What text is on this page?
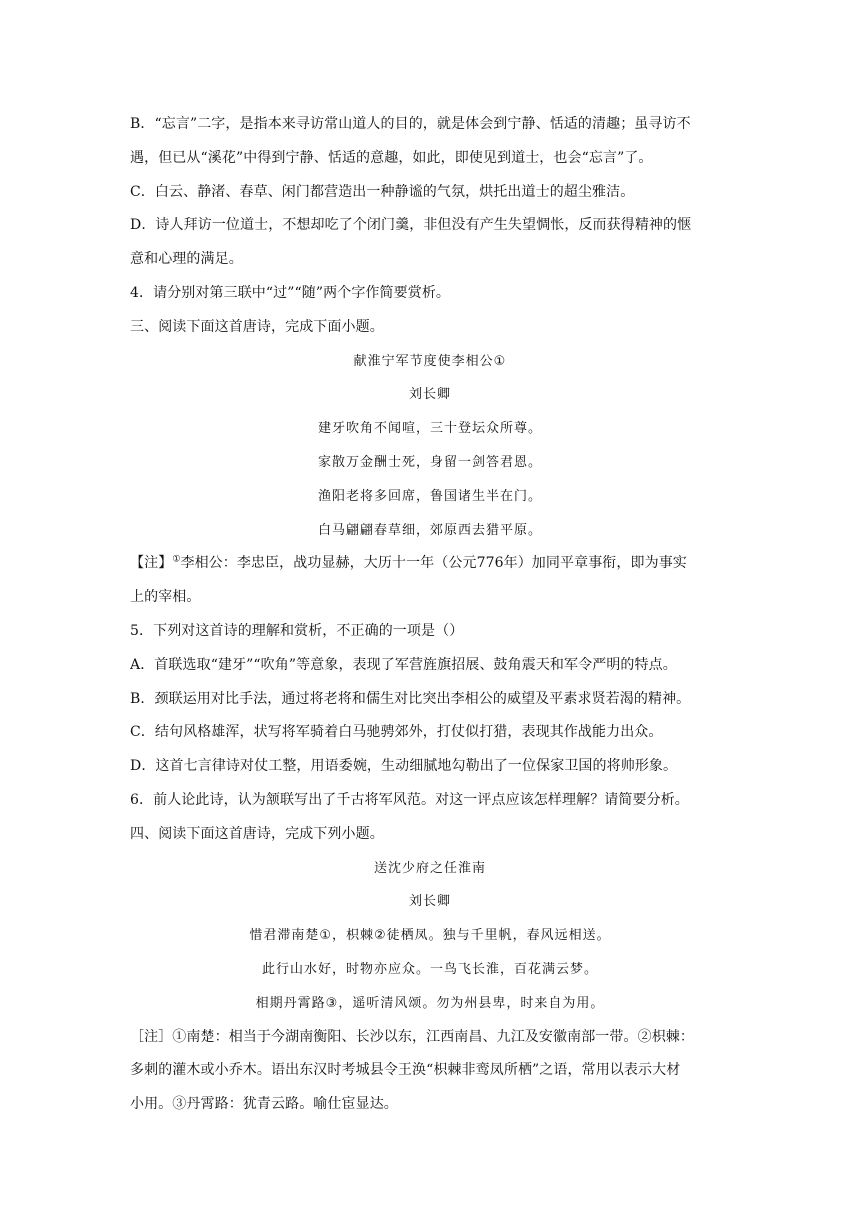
B．“忘言”二字，是指本来寻访常山道人的目的，就是体会到宁静、恬适的清趣；虽寻访不
遇，但已从“溪花”中得到宁静、恬适的意趣，如此，即使见到道士，也会“忘言”了。
C．白云、静渚、春草、闲门都营造出一种静谧的气氛，烘托出道士的超尘雅洁。
D．诗人拜访一位道士，不想却吃了个闭门羹，非但没有产生失望惆怅，反而获得精神的惬
意和心理的满足。
4．请分别对第三联中“过”“随”两个字作简要赏析。
三、阅读下面这首唐诗，完成下面小题。
献淮宁军节度使李相公①
刘长卿
建牙吹角不闻喧，三十登坛众所尊。
家散万金酬士死，身留一剑答君恩。
渔阳老将多回席，鲁国诸生半在门。
白马翩翩春草细，郊原西去猎平原。
【注】①李相公：李忠臣，战功显赫，大历十一年（公元776年）加同平章事衔，即为事实
上的宰相。
5．下列对这首诗的理解和赏析，不正确的一项是（）
A．首联选取“建牙”“吹角”等意象，表现了军营旌旗招展、鼓角震天和军令严明的特点。
B．颈联运用对比手法，通过将老将和儒生对比突出李相公的威望及平素求贤若渴的精神。
C．结句风格雄浑，状写将军骑着白马驰骋郊外，打仗似打猎，表现其作战能力出众。
D．这首七言律诗对仗工整，用语委婉，生动细腻地勾勒出了一位保家卫国的将帅形象。
6．前人论此诗，认为颔联写出了千古将军风范。对这一评点应该怎样理解？请简要分析。
四、阅读下面这首唐诗，完成下列小题。
送沈少府之任淮南
刘长卿
惜君滞南楚①，枳棘②徒栖凤。独与千里帆，春风远相送。
此行山水好，时物亦应众。一鸟飞长淮，百花满云梦。
相期丹霄路③，遥听清风颂。勿为州县卑，时来自为用。
［注］①南楚：相当于今湖南衡阳、长沙以东，江西南昌、九江及安徽南部一带。②枳棘：
多刺的灌木或小乔木。语出东汉时考城县令王涣“枳棘非鸾凤所栖”之语，常用以表示大材
小用。③丹霄路：犹青云路。喻仕宦显达。
